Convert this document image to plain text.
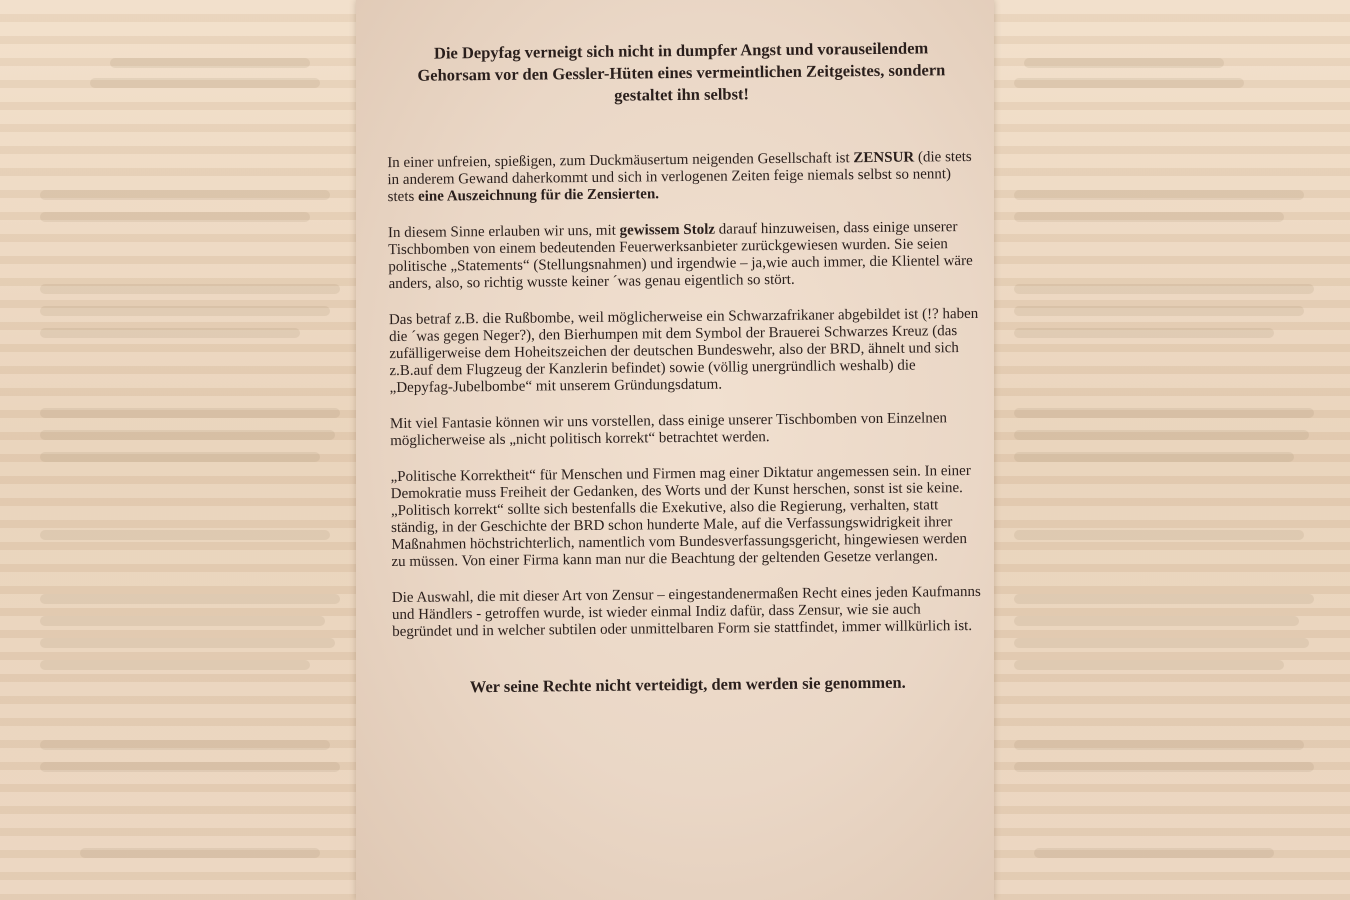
Die Depyfag verneigt sich nicht in dumpfer Angst und vorauseilendem Gehorsam vor den Gessler-Hüten eines vermeintlichen Zeitgeistes, sondern gestaltet ihn selbst!
In einer unfreien, spießigen, zum Duckmäusertum neigenden Gesellschaft ist ZENSUR (die stets in anderem Gewand daherkommt und sich in verlogenen Zeiten feige niemals selbst so nennt)
stets eine Auszeichnung für die Zensierten.
In diesem Sinne erlauben wir uns, mit gewissem Stolz darauf hinzuweisen, dass einige unserer Tischbomben von einem bedeutenden Feuerwerksanbieter zurückgewiesen wurden. Sie seien politische „Statements“ (Stellungsnahmen) und irgendwie – ja,wie auch immer, die Klientel wäre anders, also, so richtig wusste keiner ´was genau eigentlich so stört.
Das betraf z.B. die Rußbombe, weil möglicherweise ein Schwarzafrikaner abgebildet ist (!? haben die ´was gegen Neger?), den Bierhumpen mit dem Symbol der Brauerei Schwarzes Kreuz (das zufälligerweise dem Hoheitszeichen der deutschen Bundeswehr, also der BRD, ähnelt und sich z.B.auf dem Flugzeug der Kanzlerin befindet) sowie (völlig unergründlich weshalb) die „Depyfag-Jubelbombe“ mit unserem Gründungsdatum.
Mit viel Fantasie können wir uns vorstellen, dass einige unserer Tischbomben von Einzelnen möglicherweise als „nicht politisch korrekt“ betrachtet werden.
„Politische Korrektheit“ für Menschen und Firmen mag einer Diktatur angemessen sein. In einer Demokratie muss Freiheit der Gedanken, des Worts und der Kunst herschen, sonst ist sie keine.
„Politisch korrekt“ sollte sich bestenfalls die Exekutive, also die Regierung, verhalten, statt ständig, in der Geschichte der BRD schon hunderte Male, auf die Verfassungswidrigkeit ihrer Maßnahmen höchstrichterlich, namentlich vom Bundesverfassungsgericht, hingewiesen werden zu müssen. Von einer Firma kann man nur die Beachtung der geltenden Gesetze verlangen.
Die Auswahl, die mit dieser Art von Zensur – eingestandenermaßen Recht eines jeden Kaufmanns und Händlers - getroffen wurde, ist wieder einmal Indiz dafür, dass Zensur, wie sie auch begründet und in welcher subtilen oder unmittelbaren Form sie stattfindet, immer willkürlich ist.
Wer seine Rechte nicht verteidigt, dem werden sie genommen.
